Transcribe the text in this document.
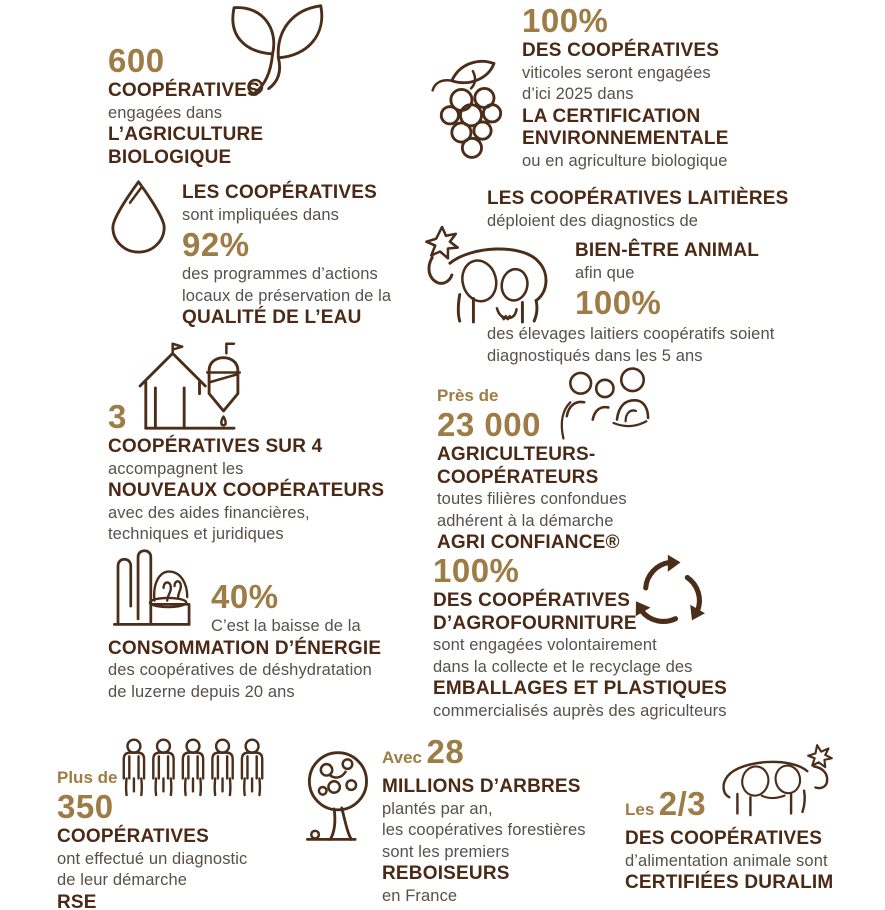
600
COOPÉRATIVES
engagées dans
L’AGRICULTURE
BIOLOGIQUE
100%
DES COOPÉRATIVES
viticoles seront engagées
d’ici 2025 dans
LA CERTIFICATION
ENVIRONNEMENTALE
ou en agriculture biologique
LES COOPÉRATIVES
sont impliquées dans
92%
des programmes d’actions
locaux de préservation de la
QUALITÉ DE L’EAU
LES COOPÉRATIVES LAITIÈRES
déploient des diagnostics de
BIEN-ÊTRE ANIMAL
afin que
100%
des élevages laitiers coopératifs soient
diagnostiqués dans les 5 ans
3
COOPÉRATIVES SUR 4
accompagnent les
NOUVEAUX COOPÉRATEURS
avec des aides financières,
techniques et juridiques
Près de
23 000
AGRICULTEURS-
COOPÉRATEURS
toutes filières confondues
adhérent à la démarche
AGRI CONFIANCE®
40%
C’est la baisse de la
CONSOMMATION D’ÉNERGIE
des coopératives de déshydratation
de luzerne depuis 20 ans
100%
DES COOPÉRATIVES
D’AGROFOURNITURE
sont engagées volontairement
dans la collecte et le recyclage des
EMBALLAGES ET PLASTIQUES
commercialisés auprès des agriculteurs
Plus de
350
COOPÉRATIVES
ont effectué un diagnostic
de leur démarche
RSE
Avec 28
MILLIONS D’ARBRES
plantés par an,
les coopératives forestières
sont les premiers
REBOISEURS
en France
Les 2/3
DES COOPÉRATIVES
d’alimentation animale sont
CERTIFIÉES DURALIM
